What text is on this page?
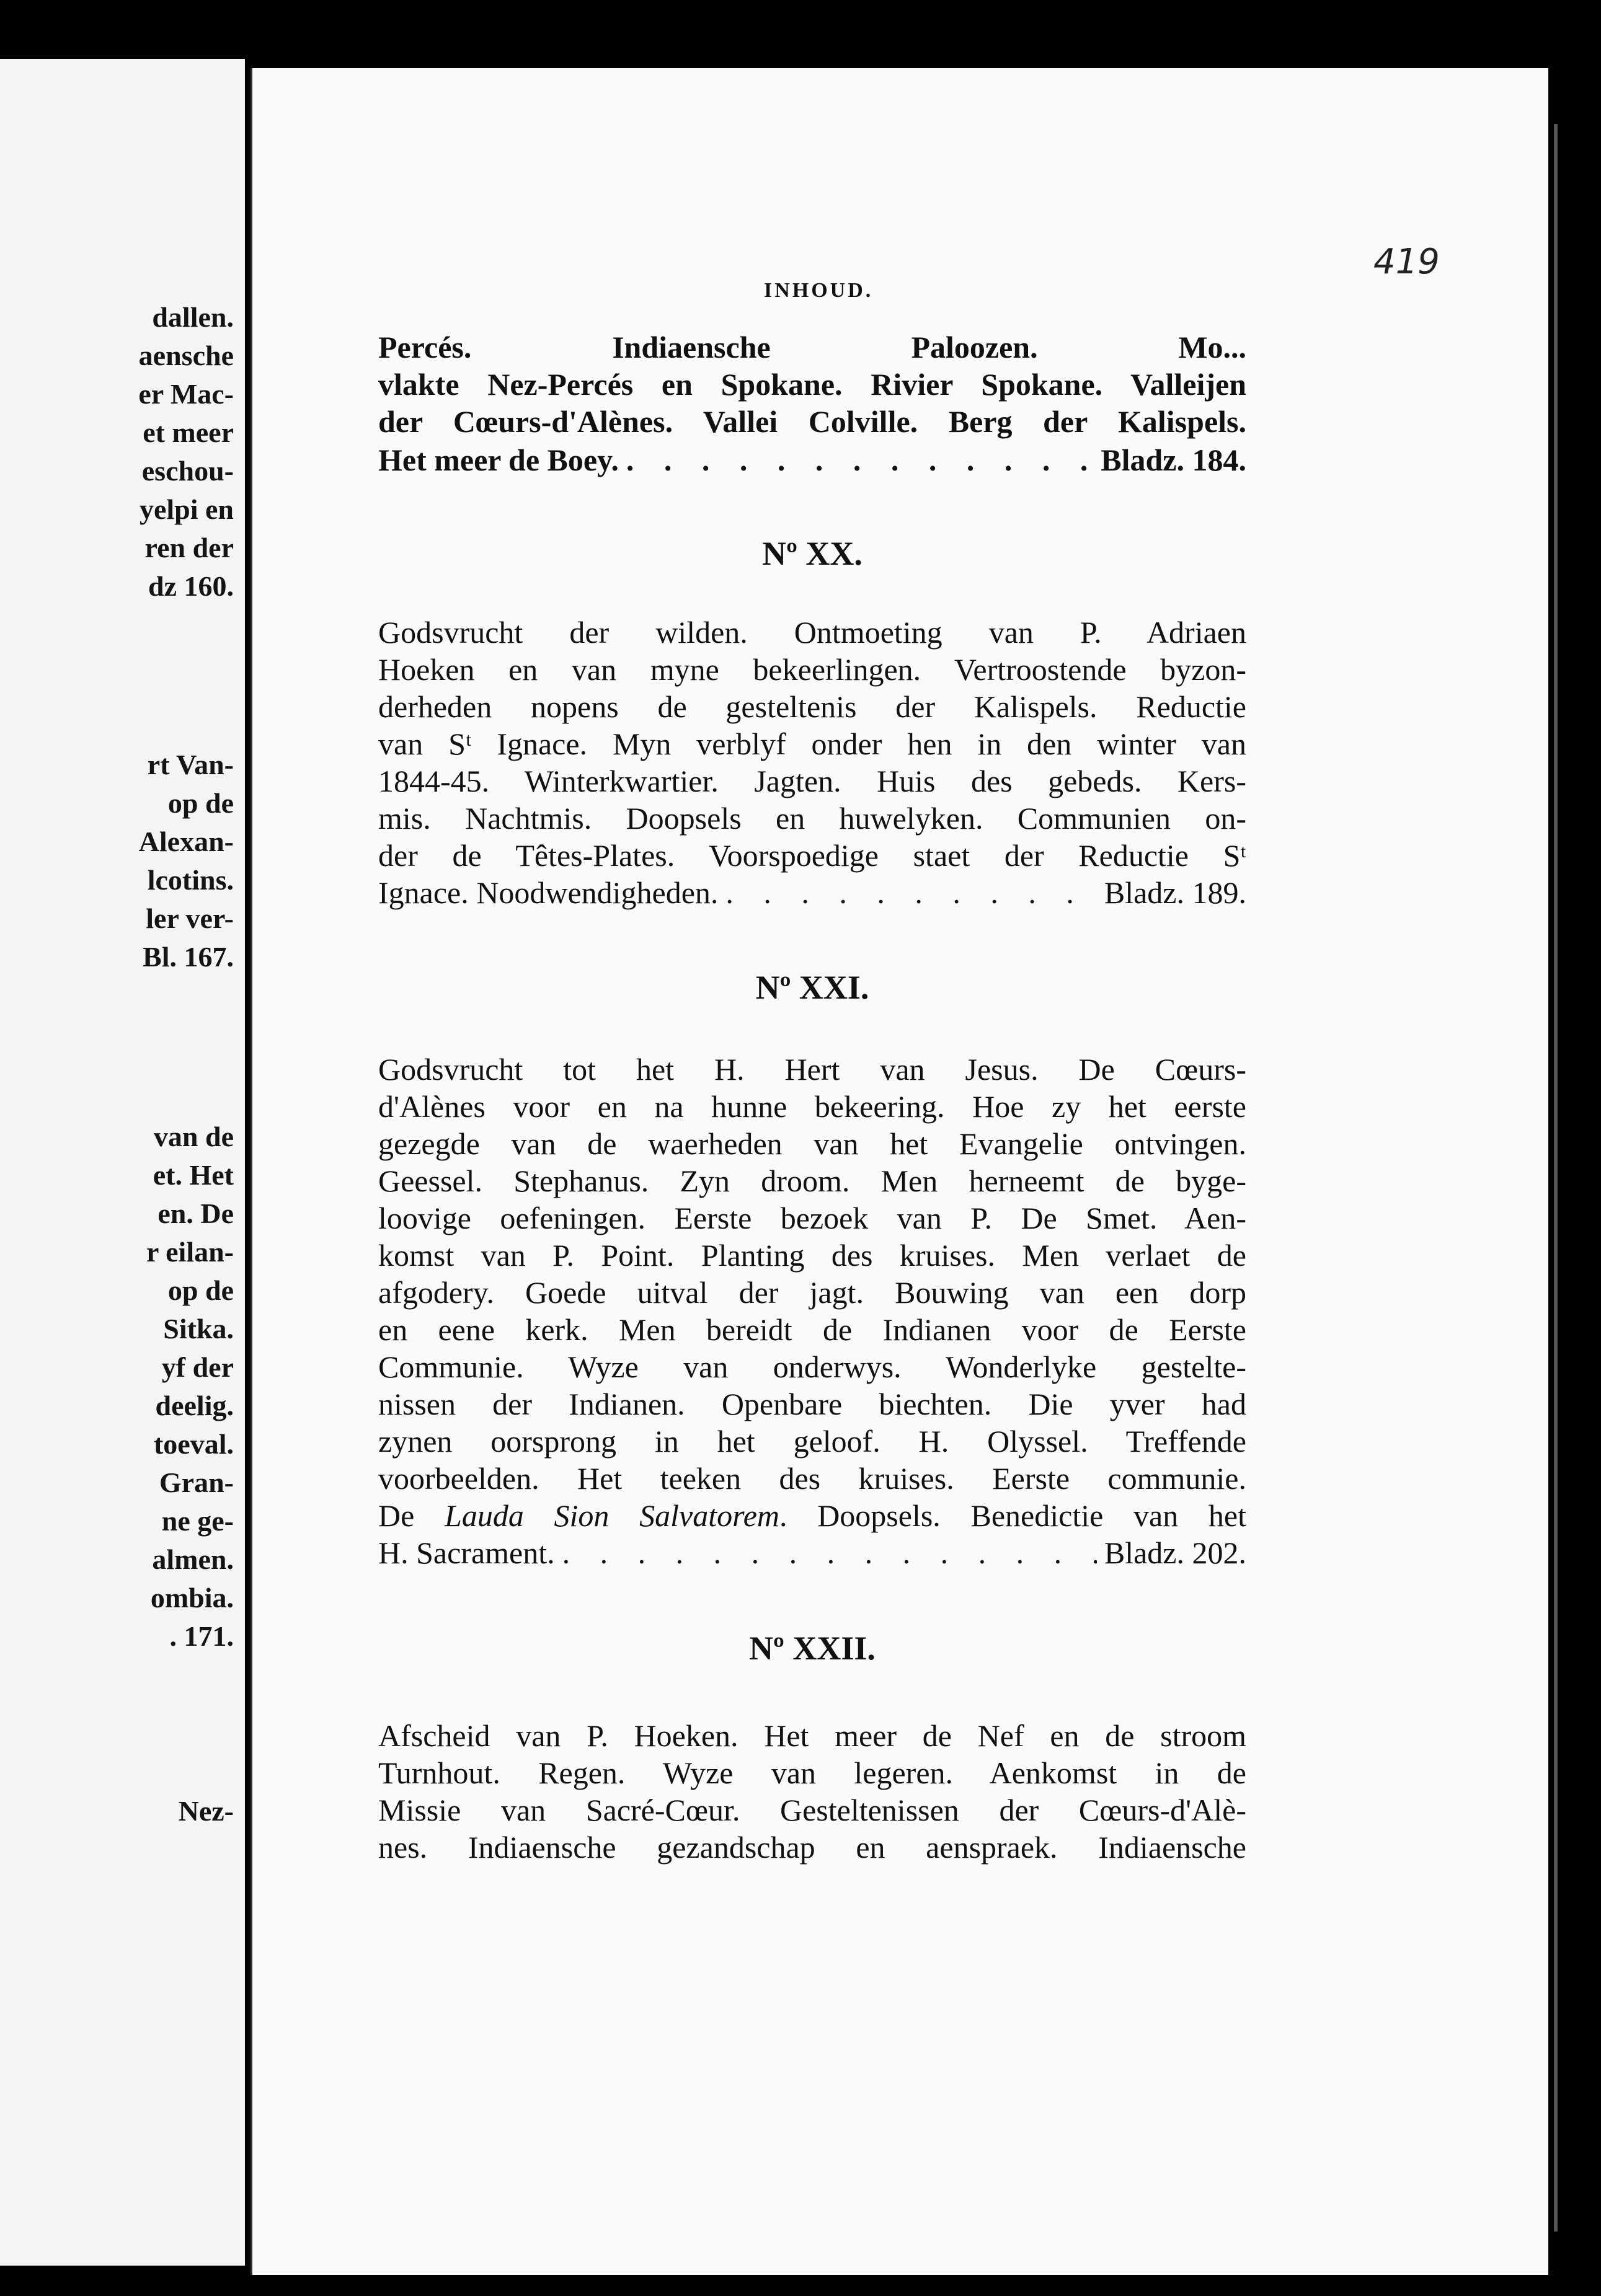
dallen.
aensche
er Mac-
et meer
eschou-
yelpi en
ren der
dz 160.
rt Van-
op de
Alexan-
lcotins.
ler ver-
Bl. 167.
van de
et. Het
en. De
r eilan-
op de
Sitka.
yf der
deelig.
toeval.
Gran-
ne ge-
almen.
ombia.
. 171.
Nez-
419
INHOUD.
Percés. Indiaensche Paloozen. Mo...
vlakte Nez-Percés en Spokane. Rivier Spokane. Valleijen
der Cœurs-d'Alènes. Vallei Colville. Berg der Kalispels.
Het meer de Boey. . . .	Bladz. 184.
Nº XX.
Godsvrucht der wilden. Ontmoeting van P. Adriaen
Hoeken en van myne bekeerlingen. Vertroostende byzon-
derheden nopens de gesteltenis der Kalispels. Reductie
van Sᵗ Ignace. Myn verblyf onder hen in den winter van
1844-45. Winterkwartier. Jagten. Huis des gebeds. Kers-
mis. Nachtmis. Doopsels en huwelyken. Communien on-
der de Têtes-Plates. Voorspoedige staet der Reductie Sᵗ
Ignace. Noodwendigheden. . . .	Bladz. 189.
Nº XXI.
Godsvrucht tot het H. Hert van Jesus. De Cœurs-
d'Alènes voor en na hunne bekeering. Hoe zy het eerste
gezegde van de waerheden van het Evangelie ontvingen.
Geessel. Stephanus. Zyn droom. Men herneemt de byge-
loovige oefeningen. Eerste bezoek van P. De Smet. Aen-
komst van P. Point. Planting des kruises. Men verlaet de
afgodery. Goede uitval der jagt. Bouwing van een dorp
en eene kerk. Men bereidt de Indianen voor de Eerste
Communie. Wyze van onderwys. Wonderlyke gestelte-
nissen der Indianen. Openbare biechten. Die yver had
zynen oorsprong in het geloof. H. Olyssel. Treffende
voorbeelden. Het teeken des kruises. Eerste communie.
De Lauda Sion Salvatorem. Doopsels. Benedictie van het
H. Sacrament. . . .	Bladz. 202.
Nº XXII.
Afscheid van P. Hoeken. Het meer de Nef en de stroom
Turnhout. Regen. Wyze van legeren. Aenkomst in de
Missie van Sacré-Cœur. Gesteltenissen der Cœurs-d'Alè-
nes. Indiaensche gezandschap en aenspraek. Indiaensche
